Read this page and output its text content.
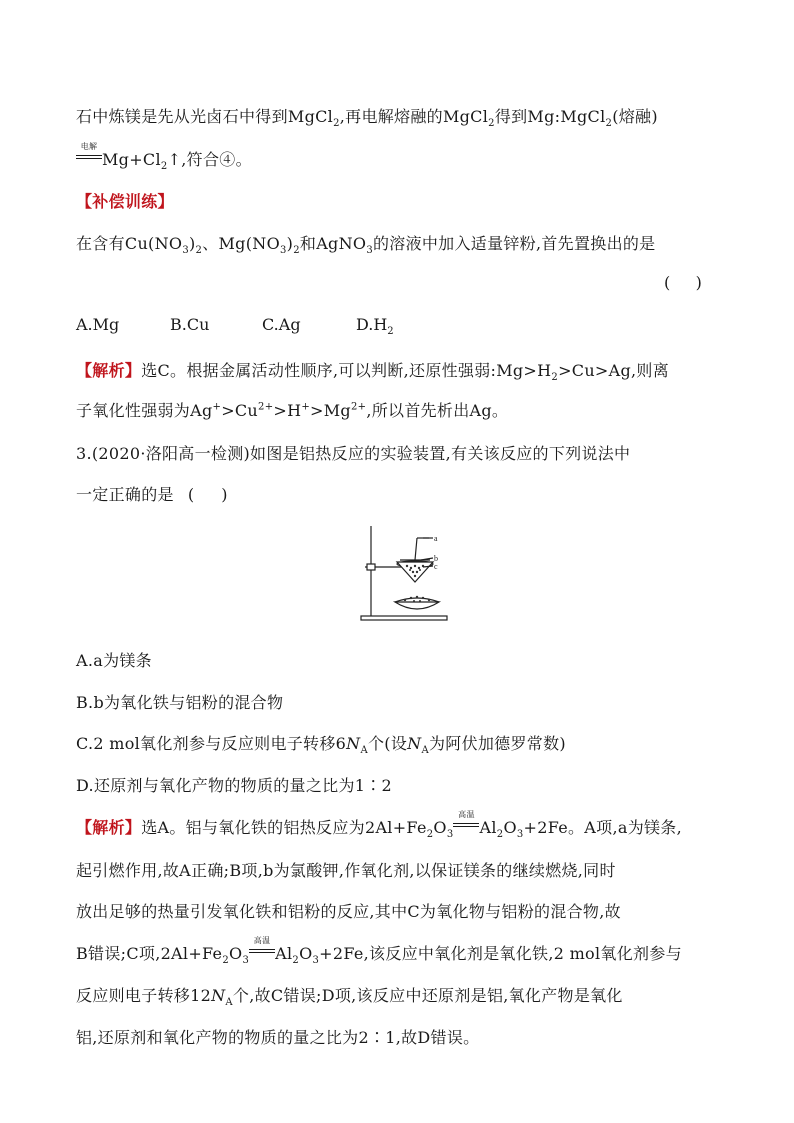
石中炼镁是先从光卤石中得到MgCl$_2$,再电解熔融的MgCl$_2$得到Mg:MgCl$_2$(熔融)
电解
$Mg+Cl_2↑$,符合④。
【补偿训练】
在含有$Cu(NO_3)_2$、$Mg(NO_3)_2$和AgNO$_3$的溶液中加入适量锌粉,首先置换出的是
(     )
A.Mg	B.Cu	C.Ag	$D.H_2$
【解析】选C。根据金属活动性顺序,可以判断,还原性强弱$:Mg>H_2>Cu>Ag$,则离
子氧化性强弱为$Ag^+>Cu^{2+}>H^+>Mg^{2+}$,所以首先析出Ag。
3.(2020·洛阳高一检测)如图是铝热反应的实验装置,有关该反应的下列说法中
一定正确的是 (     )
a
b
c
A.a为镁条
B.b为氧化铁与铝粉的混合物
C.2 mol氧化剂参与反应则电子转移$6N_A$个(设$N_A$为阿伏加德罗常数)
D.还原剂与氧化产物的物质的量之比为1∶2
【解析】选A。铝与氧化铁的铝热反应为$2Al+Fe_2O_3$
高温
$Al_2O_3+2Fe$。A项,a为镁条,
起引燃作用,故A正确;B项,b为氯酸钾,作氧化剂,以保证镁条的继续燃烧,同时
放出足够的热量引发氧化铁和铝粉的反应,其中C为氧化物与铝粉的混合物,故
B错误;C项$,2Al+Fe_2O_3$
高温
$Al_2O_3+2Fe$,该反应中氧化剂是氧化铁,2 mol氧化剂参与
反应则电子转移$12N_A$个,故C错误;D项,该反应中还原剂是铝,氧化产物是氧化
铝,还原剂和氧化产物的物质的量之比为2∶1,故D错误。
